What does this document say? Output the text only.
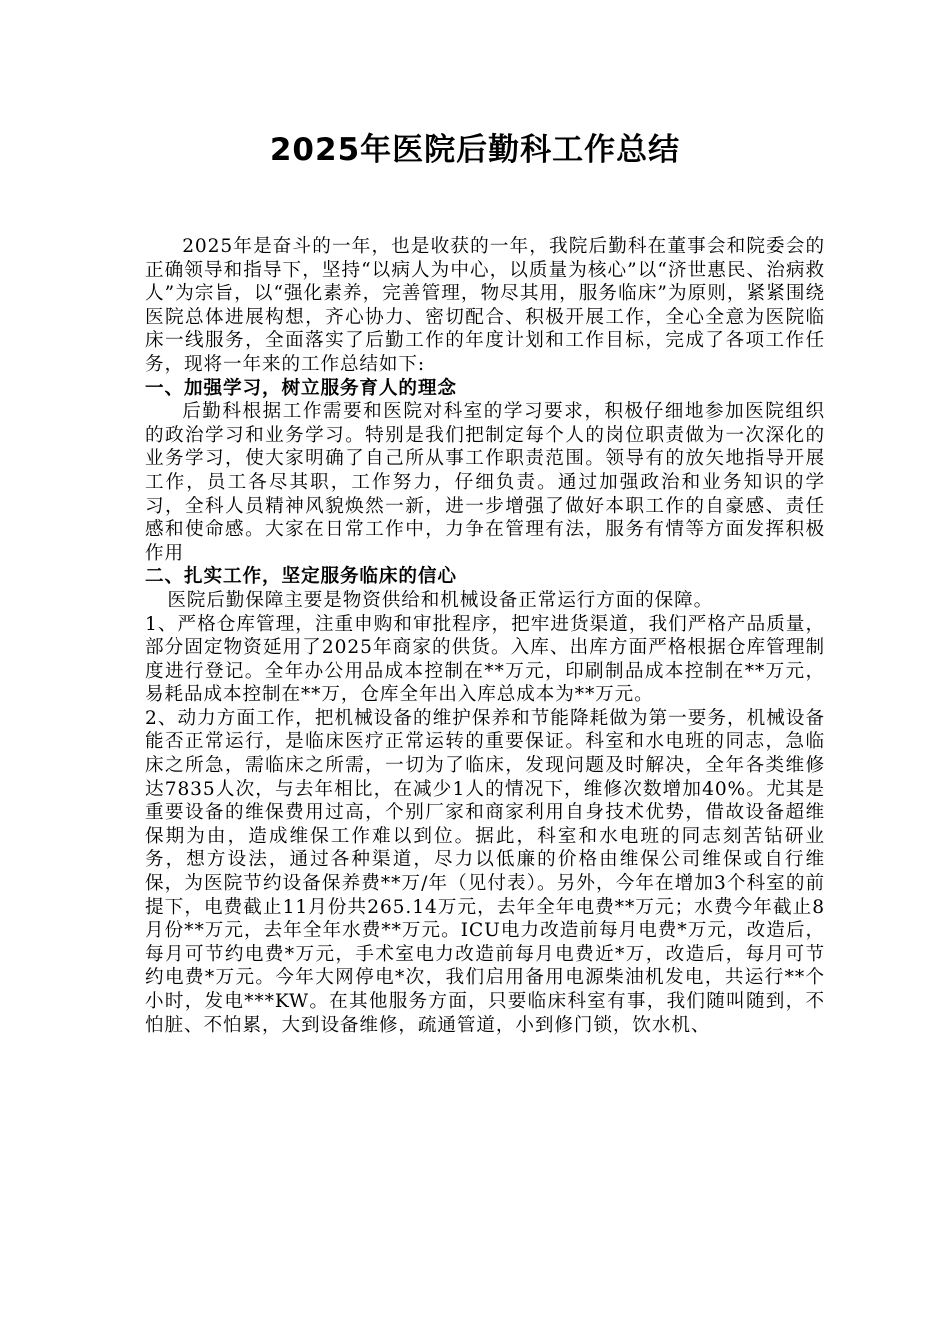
2025年医院后勤科工作总结

2025年是奋斗的一年，也是收获的一年，我院后勤科在董事会和院委会的正确领导和指导下，坚持“以病人为中心，以质量为核心”以“济世惠民、治病救人”为宗旨，以“强化素养，完善管理，物尽其用，服务临床”为原则，紧紧围绕医院总体进展构想，齐心协力、密切配合、积极开展工作，全心全意为医院临床一线服务，全面落实了后勤工作的年度计划和工作目标，完成了各项工作任务，现将一年来的工作总结如下:

一、加强学习，树立服务育人的理念

后勤科根据工作需要和医院对科室的学习要求，积极仔细地参加医院组织的政治学习和业务学习。特别是我们把制定每个人的岗位职责做为一次深化的业务学习，使大家明确了自己所从事工作职责范围。领导有的放矢地指导开展工作，员工各尽其职，工作努力，仔细负责。通过加强政治和业务知识的学习，全科人员精神风貌焕然一新，进一步增强了做好本职工作的自豪感、责任感和使命感。大家在日常工作中，力争在管理有法，服务有情等方面发挥积极作用

二、扎实工作，坚定服务临床的信心

医院后勤保障主要是物资供给和机械设备正常运行方面的保障。

1、严格仓库管理，注重申购和审批程序，把牢进货渠道，我们严格产品质量，部分固定物资延用了2025年商家的供货。入库、出库方面严格根据仓库管理制度进行登记。全年办公用品成本控制在**万元，印刷制品成本控制在**万元，易耗品成本控制在**万，仓库全年出入库总成本为**万元。

2、动力方面工作，把机械设备的维护保养和节能降耗做为第一要务，机械设备能否正常运行，是临床医疗正常运转的重要保证。科室和水电班的同志，急临床之所急，需临床之所需，一切为了临床，发现问题及时解决，全年各类维修达7835人次，与去年相比，在减少1人的情况下，维修次数增加40%。尤其是重要设备的维保费用过高，个别厂家和商家利用自身技术优势，借故设备超维保期为由，造成维保工作难以到位。据此，科室和水电班的同志刻苦钻研业务，想方设法，通过各种渠道，尽力以低廉的价格由维保公司维保或自行维保，为医院节约设备保养费**万/年（见付表）。另外，今年在增加3个科室的前提下，电费截止11月份共265.14万元，去年全年电费**万元；水费今年截止8月份**万元，去年全年水费**万元。ICU电力改造前每月电费*万元，改造后，每月可节约电费*万元，手术室电力改造前每月电费近*万，改造后，每月可节约电费*万元。今年大网停电*次，我们启用备用电源柴油机发电，共运行**个小时，发电***KW。在其他服务方面，只要临床科室有事，我们随叫随到，不怕脏、不怕累，大到设备维修，疏通管道，小到修门锁，饮水机、
